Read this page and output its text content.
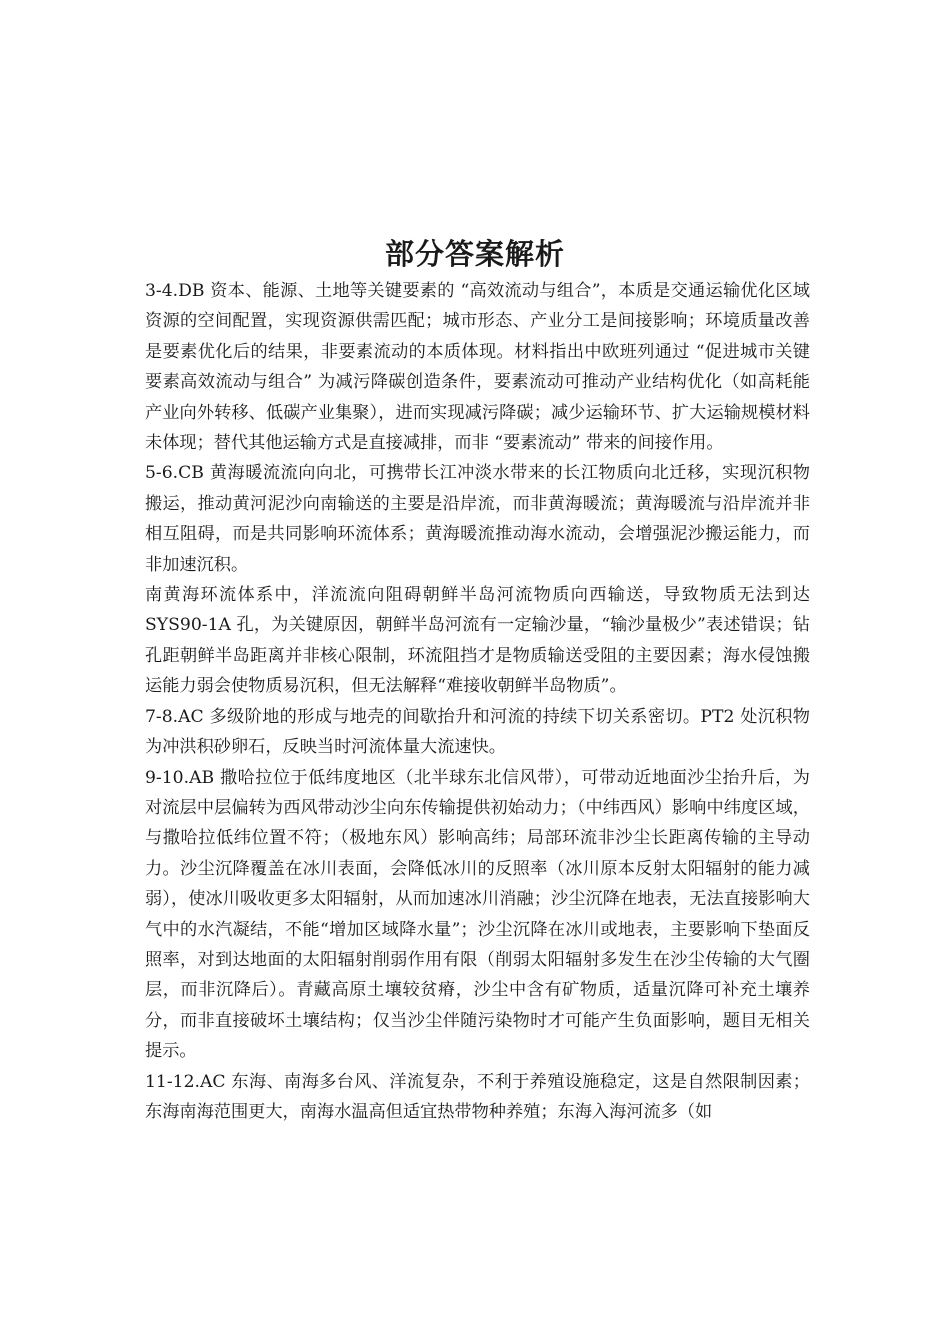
部分答案解析

3-4.DB 资本、能源、土地等关键要素的 “高效流动与组合”，本质是交通运输优化区域资源的空间配置，实现资源供需匹配；城市形态、产业分工是间接影响；环境质量改善是要素优化后的结果，非要素流动的本质体现。材料指出中欧班列通过 “促进城市关键要素高效流动与组合” 为减污降碳创造条件，要素流动可推动产业结构优化（如高耗能产业向外转移、低碳产业集聚），进而实现减污降碳；减少运输环节、扩大运输规模材料未体现；替代其他运输方式是直接减排，而非 “要素流动” 带来的间接作用。

5-6.CB 黄海暖流流向向北，可携带长江冲淡水带来的长江物质向北迁移，实现沉积物搬运，推动黄河泥沙向南输送的主要是沿岸流，而非黄海暖流；黄海暖流与沿岸流并非相互阻碍，而是共同影响环流体系；黄海暖流推动海水流动，会增强泥沙搬运能力，而非加速沉积。

南黄海环流体系中，洋流流向阻碍朝鲜半岛河流物质向西输送，导致物质无法到达 SYS90-1A 孔，为关键原因，朝鲜半岛河流有一定输沙量，“输沙量极少”表述错误；钻孔距朝鲜半岛距离并非核心限制，环流阻挡才是物质输送受阻的主要因素；海水侵蚀搬运能力弱会使物质易沉积，但无法解释“难接收朝鲜半岛物质”。

7-8.AC 多级阶地的形成与地壳的间歇抬升和河流的持续下切关系密切。PT2 处沉积物为冲洪积砂卵石，反映当时河流体量大流速快。

9-10.AB 撒哈拉位于低纬度地区（北半球东北信风带），可带动近地面沙尘抬升后，为对流层中层偏转为西风带动沙尘向东传输提供初始动力；（中纬西风）影响中纬度区域，与撒哈拉低纬位置不符；（极地东风）影响高纬；局部环流非沙尘长距离传输的主导动力。沙尘沉降覆盖在冰川表面，会降低冰川的反照率（冰川原本反射太阳辐射的能力减弱），使冰川吸收更多太阳辐射，从而加速冰川消融；沙尘沉降在地表，无法直接影响大气中的水汽凝结，不能“增加区域降水量”；沙尘沉降在冰川或地表，主要影响下垫面反照率，对到达地面的太阳辐射削弱作用有限（削弱太阳辐射多发生在沙尘传输的大气圈层，而非沉降后）。青藏高原土壤较贫瘠，沙尘中含有矿物质，适量沉降可补充土壤养分，而非直接破坏土壤结构；仅当沙尘伴随污染物时才可能产生负面影响，题目无相关提示。

11-12.AC 东海、南海多台风、洋流复杂，不利于养殖设施稳定，这是自然限制因素；东海南海范围更大，南海水温高但适宜热带物种养殖；东海入海河流多（如
